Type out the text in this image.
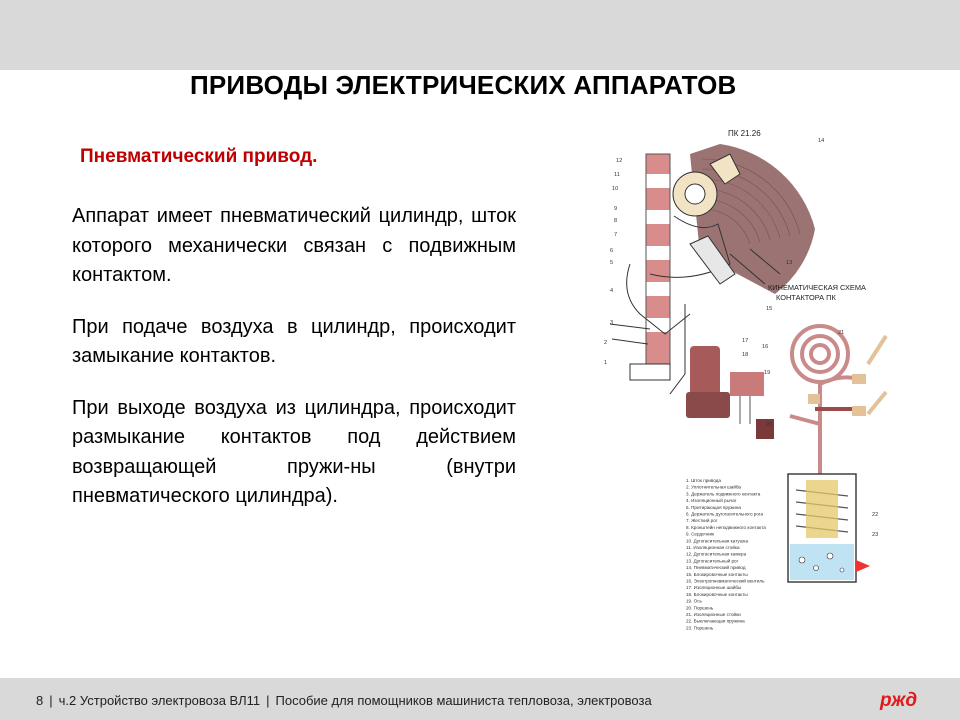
ПРИВОДЫ ЭЛЕКТРИЧЕСКИХ АППАРАТОВ
Пневматический привод.

Аппарат имеет пневматический цилиндр, шток которого механически связан с подвижным контактом.

При подаче воздуха в цилиндр, происходит замыкание контактов.

При выходе воздуха из цилиндра, происходит размыкание контактов под действием возвращающей пружи-ны (внутри пневматического цилиндра).

1. Шток привода
2. Уплотнительная шайба
3. Держатель подвижного контакта
4. Изоляционный рычаг
5. Притирающая пружина
6. Держатель дугогасительного рога
7. Жесткий рог
8. Кронштейн неподвижного контакта
9. Сердечник
10. Дугогасительная катушка
11. Изоляционная стойка
12. Дугогасительная камера
13. Дугогасительный рог
14. Пневматический привод
15. Блокировочные контакты
16. Электропневматический вентиль
17. Изоляционные шайбы
18. Блокировочные контакты
19. Ось
20. Поршень
21. Изоляционные стойки
22. Выключающая пружина
23. Поршень
ПК 21.26
КИНЕМАТИЧЕСКАЯ СХЕМА
КОНТАКТОРА ПК
14
12
11
10
9
8
7
6
5
4
3
2
1
13
15
16
17
18
19
20
21
22
23
8 | ч.2 Устройство электровоза ВЛ11 | Пособие для помощников машиниста тепловоза, электровоза	ржд
